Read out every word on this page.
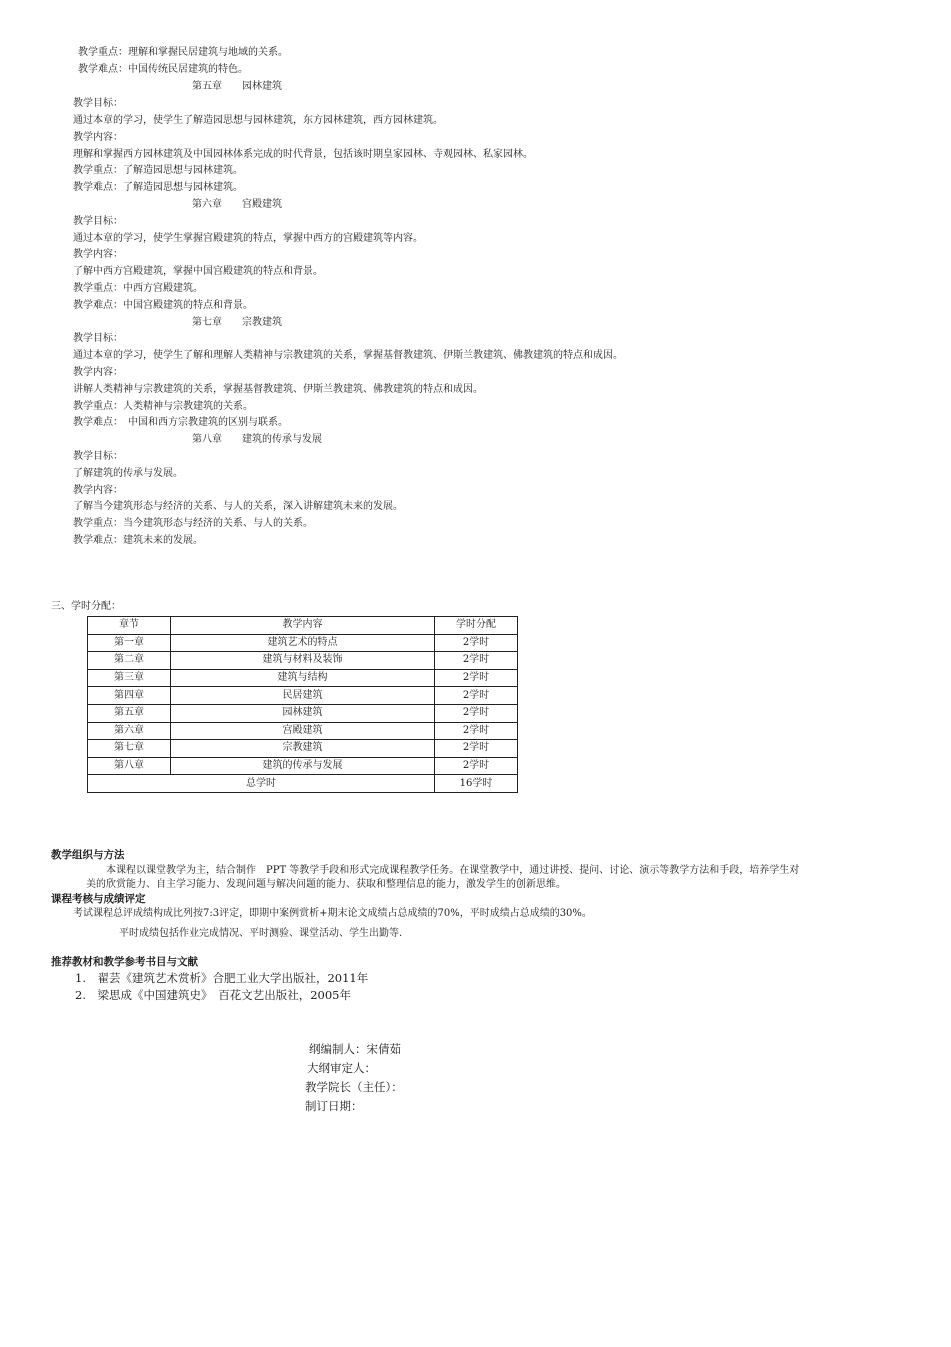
教学重点：理解和掌握民居建筑与地域的关系。
教学难点：中国传统民居建筑的特色。
第五章　　园林建筑
教学目标：
通过本章的学习，使学生了解造园思想与园林建筑，东方园林建筑，西方园林建筑。
教学内容：
理解和掌握西方园林建筑及中国园林体系完成的时代背景，包括该时期皇家园林、寺观园林、私家园林。
教学重点：了解造园思想与园林建筑。
教学难点：了解造园思想与园林建筑。
第六章　　宫殿建筑
教学目标：
通过本章的学习，使学生掌握宫殿建筑的特点，掌握中西方的宫殿建筑等内容。
教学内容：
了解中西方宫殿建筑，掌握中国宫殿建筑的特点和背景。
教学重点：中西方宫殿建筑。
教学难点：中国宫殿建筑的特点和背景。
第七章　　宗教建筑
教学目标：
通过本章的学习，使学生了解和理解人类精神与宗教建筑的关系，掌握基督教建筑、伊斯兰教建筑、佛教建筑的特点和成因。
教学内容：
讲解人类精神与宗教建筑的关系，掌握基督教建筑、伊斯兰教建筑、佛教建筑的特点和成因。
教学重点：人类精神与宗教建筑的关系。
教学难点：　中国和西方宗教建筑的区别与联系。
第八章　　建筑的传承与发展
教学目标：
了解建筑的传承与发展。
教学内容：
了解当今建筑形态与经济的关系、与人的关系，深入讲解建筑未来的发展。
教学重点：当今建筑形态与经济的关系、与人的关系。
教学难点：建筑未来的发展。
三、学时分配：
章节	教学内容	学时分配
第一章	建筑艺术的特点	2学时
第二章	建筑与材料及装饰	2学时
第三章	建筑与结构	2学时
第四章	民居建筑	2学时
第五章	园林建筑	2学时
第六章	宫殿建筑	2学时
第七章	宗教建筑	2学时
第八章	建筑的传承与发展	2学时
总学时		16学时
教学组织与方法
本课程以课堂教学为主，结合制作　PPT 等教学手段和形式完成课程教学任务。在课堂教学中，通过讲授、提问、讨论、演示等教学方法和手段，培养学生对
美的欣赏能力、自主学习能力、发现问题与解决问题的能力、获取和整理信息的能力，激发学生的创新思维。
课程考核与成绩评定
考试课程总评成绩构成比列按7:3评定，即期中案例赏析+期末论文成绩占总成绩的70%，平时成绩占总成绩的30%。
平时成绩包括作业完成情况、平时测验、课堂活动、学生出勤等.
推荐教材和教学参考书目与文献
1.　翟芸《建筑艺术赏析》合肥工业大学出版社，2011年
2.　梁思成《中国建筑史》　百花文艺出版社，2005年
纲编制人：宋倩茹
大纲审定人：
教学院长（主任）：
制订日期：
